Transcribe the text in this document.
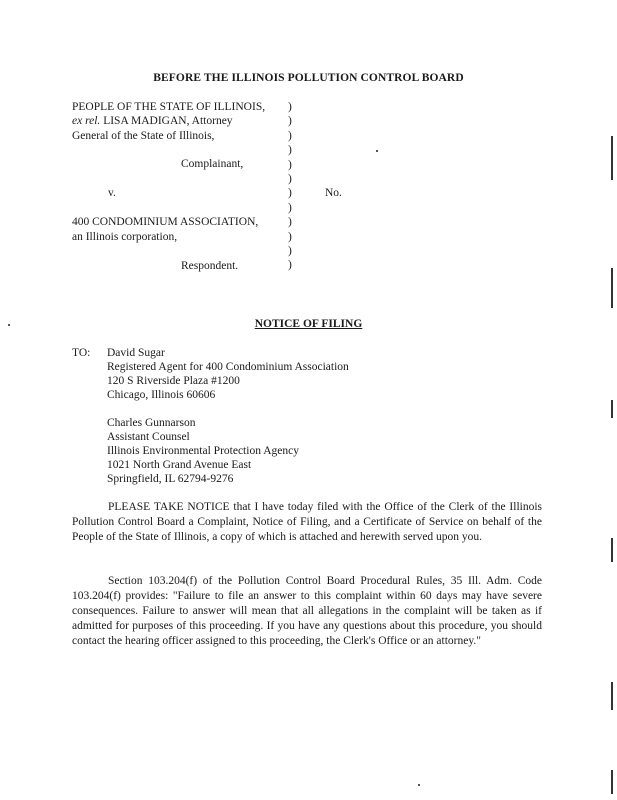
BEFORE THE ILLINOIS POLLUTION CONTROL BOARD
PEOPLE OF THE STATE OF ILLINOIS,
ex rel. LISA MADIGAN, Attorney
General of the State of Illinois,
Complainant,
v.	No.
400 CONDOMINIUM ASSOCIATION,
an Illinois corporation,
Respondent.
)
)
)
)
)
)
)
)
)
)
)
)
NOTICE OF FILING
TO: David Sugar
Registered Agent for 400 Condominium Association
120 S Riverside Plaza #1200
Chicago, Illinois 60606
Charles Gunnarson
Assistant Counsel
Illinois Environmental Protection Agency
1021 North Grand Avenue East
Springfield, IL 62794-9276
PLEASE TAKE NOTICE that I have today filed with the Office of the Clerk of the Illinois Pollution Control Board a Complaint, Notice of Filing, and a Certificate of Service on behalf of the People of the State of Illinois, a copy of which is attached and herewith served upon you.
Section 103.204(f) of the Pollution Control Board Procedural Rules, 35 Ill. Adm. Code 103.204(f) provides: "Failure to file an answer to this complaint within 60 days may have severe consequences. Failure to answer will mean that all allegations in the complaint will be taken as if admitted for purposes of this proceeding. If you have any questions about this procedure, you should contact the hearing officer assigned to this proceeding, the Clerk's Office or an attorney."
